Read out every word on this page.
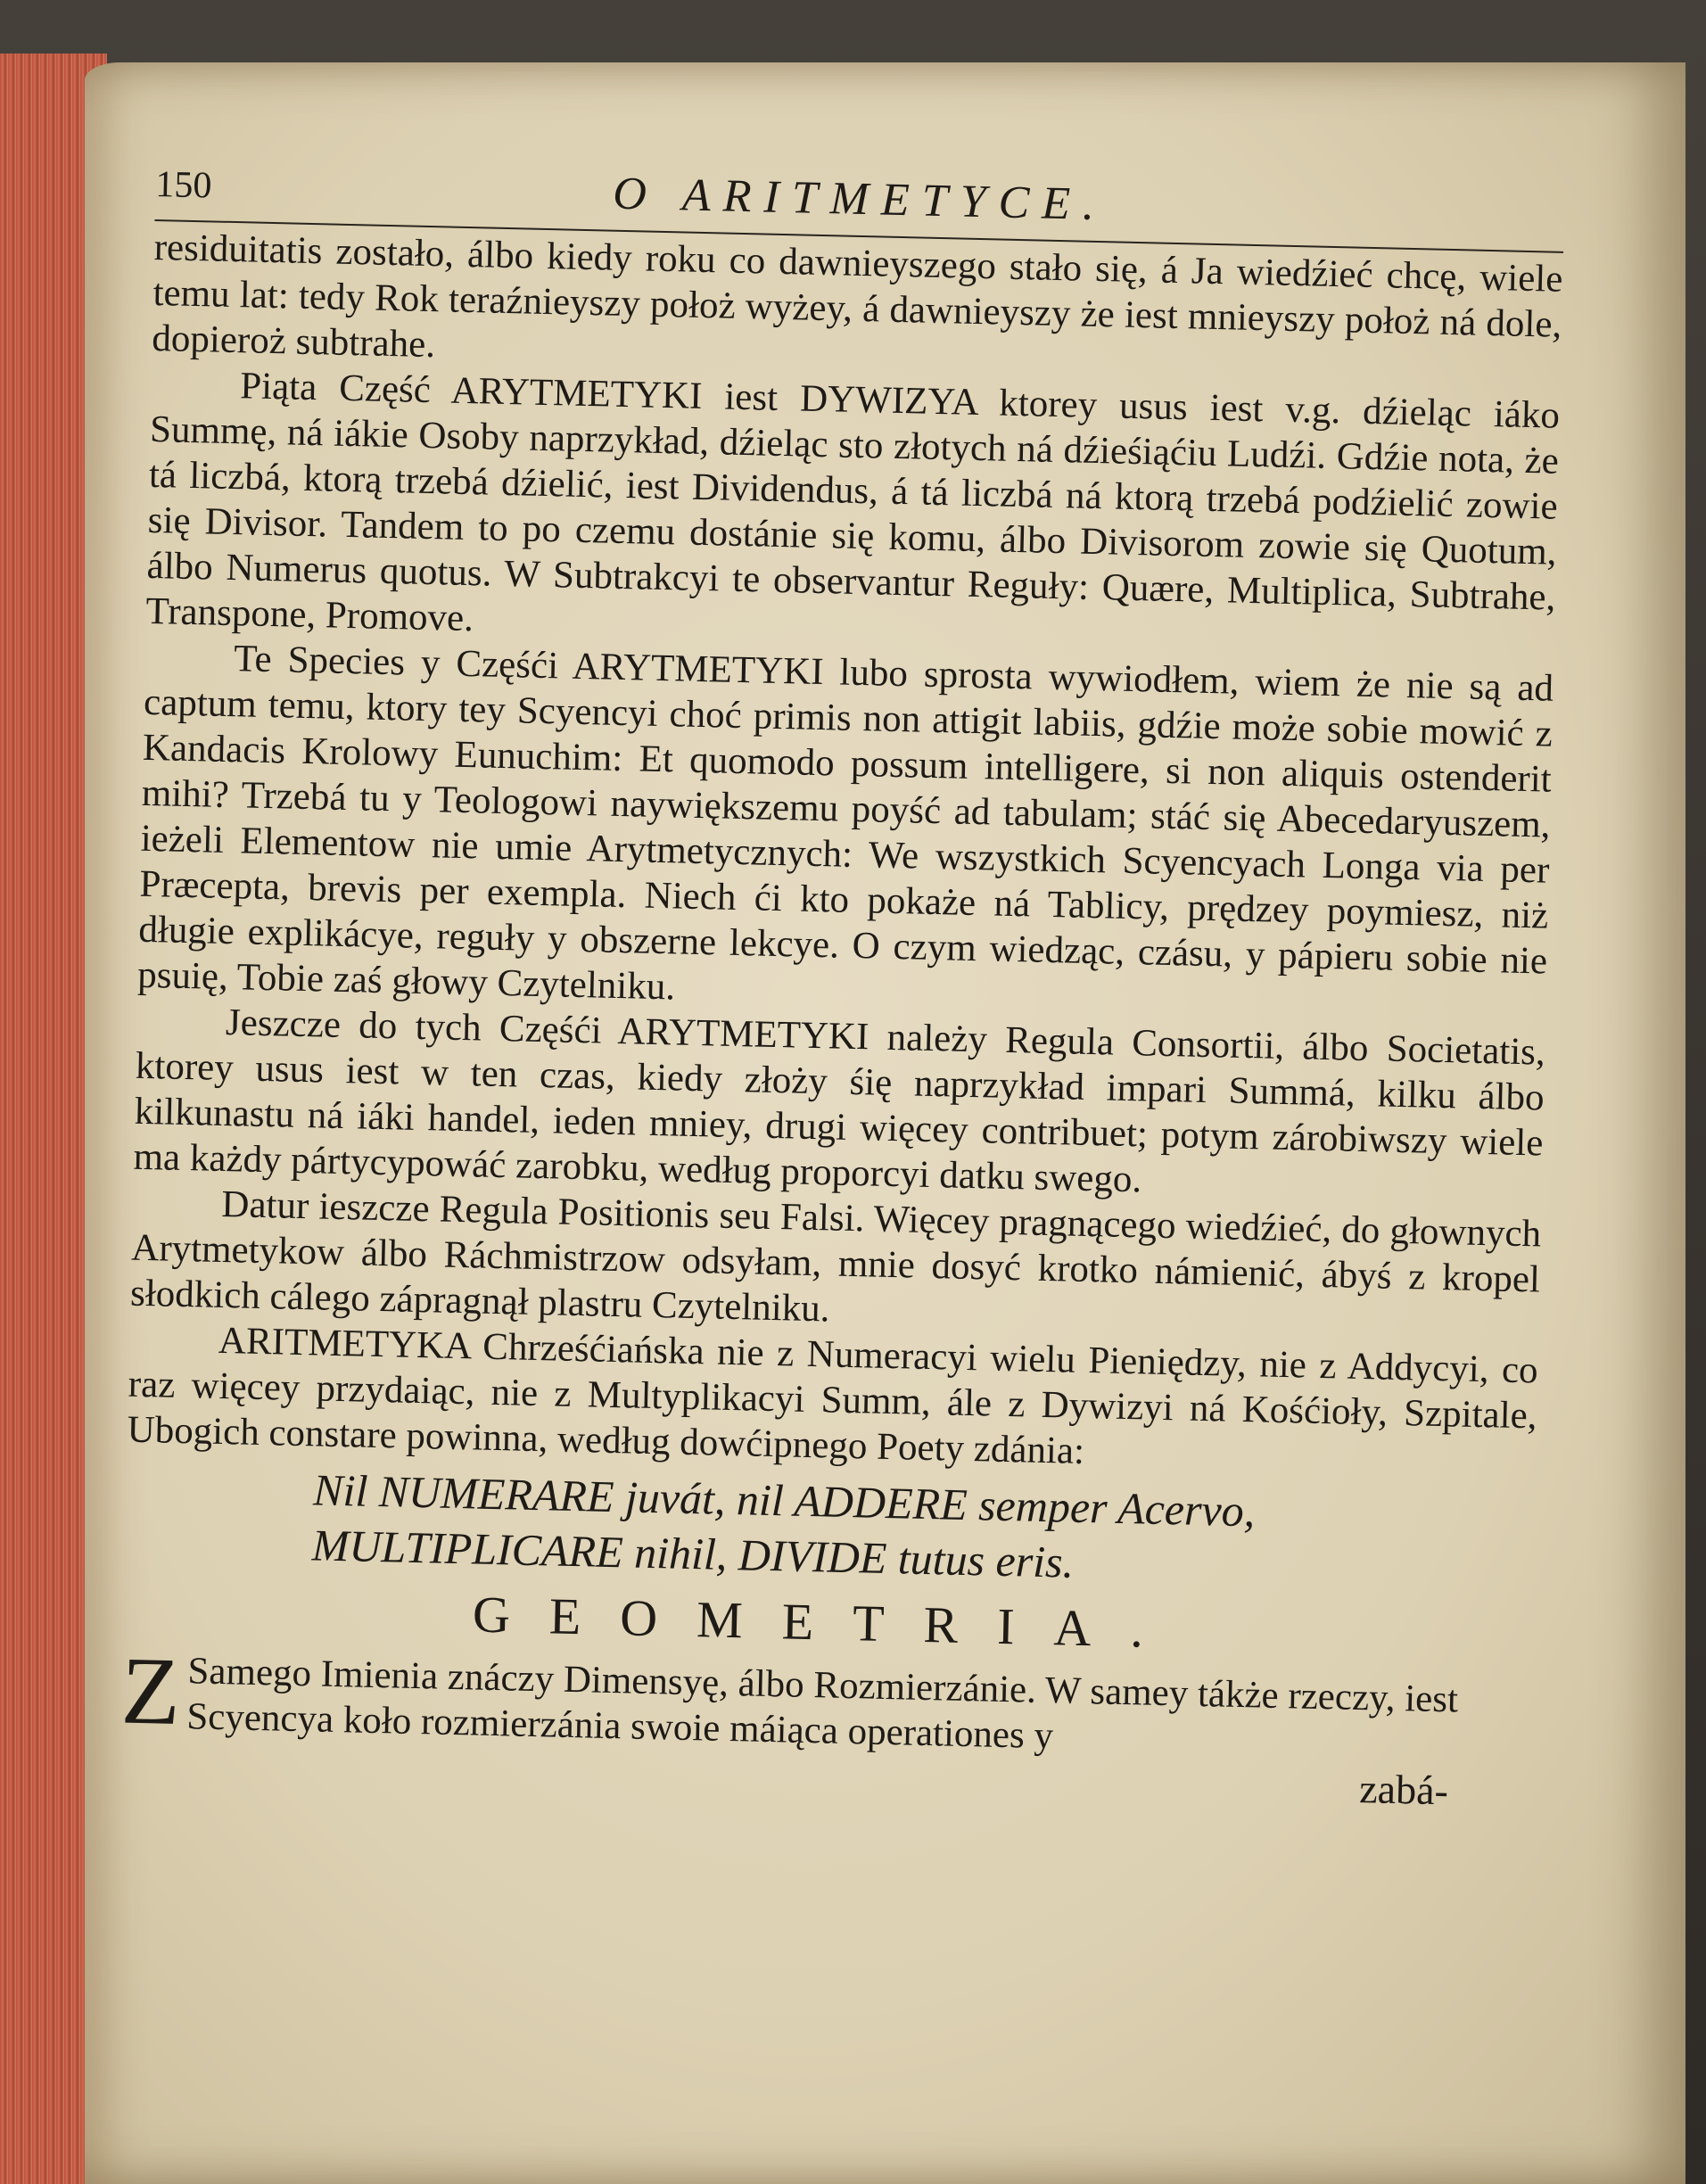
150	O ARITMETYCE.

residuitatis zostało, álbo kiedy roku co dawnieyszego stało się, á Ja wiedźieć chcę, wiele temu lat: tedy Rok teraźnieyszy położ wyżey, á dawnieyszy że iest mnieyszy położ ná dole, dopieroż subtrahe.

Piąta Część ARYTMETYKI iest DYWIZYA ktorey usus iest v.g. dźieląc iáko Summę, ná iákie Osoby naprzykład, dźieląc sto złotych ná dźieśiąćiu Ludźi. Gdźie nota, że tá liczbá, ktorą trzebá dźielić, iest Dividendus, á tá liczbá ná ktorą trzebá podźielić zowie się Divisor. Tandem to po czemu dostánie się komu, álbo Divisorom zowie się Quotum, álbo Numerus quotus. W Subtrakcyi te observantur Reguły: Quære, Multiplica, Subtrahe, Transpone, Promove.

Te Species y Częśći ARYTMETYKI lubo sprosta wywiodłem, wiem że nie są ad captum temu, ktory tey Scyencyi choć primis non attigit labiis, gdźie może sobie mowić z Kandacis Krolowy Eunuchim: Et quomodo possum intelligere, si non aliquis ostenderit mihi? Trzebá tu y Teologowi naywiększemu poyść ad tabulam; stáć się Abecedaryuszem, ieżeli Elementow nie umie Arytmetycznych: We wszystkich Scyencyach Longa via per Præcepta, brevis per exempla. Niech ći kto pokaże ná Tablicy, prędzey poymiesz, niż długie explikácye, reguły y obszerne lekcye. O czym wiedząc, czásu, y pápieru sobie nie psuię, Tobie zaś głowy Czytelniku.

Jeszcze do tych Częśći ARYTMETYKI należy Regula Consortii, álbo Societatis, ktorey usus iest w ten czas, kiedy złoży śię naprzykład impari Summá, kilku álbo kilkunastu ná iáki handel, ieden mniey, drugi więcey contribuet; potym zárobiwszy wiele ma każdy pártycypowáć zarobku, według proporcyi datku swego.

Datur ieszcze Regula Positionis seu Falsi. Więcey pragnącego wiedźieć, do głownych Arytmetykow álbo Ráchmistrzow odsyłam, mnie dosyć krotko námienić, ábyś z kropel słodkich cálego zápragnął plastru Czytelniku.

ARITMETYKA Chrześćiańska nie z Numeracyi wielu Pieniędzy, nie z Addycyi, co raz więcey przydaiąc, nie z Multyplikacyi Summ, ále z Dywizyi ná Kośćioły, Szpitale, Ubogich constare powinna, według dowćipnego Poety zdánia:

Nil NUMERARE juvát, nil ADDERE semper Acervo,
MULTIPLICARE nihil, DIVIDE tutus eris.
GEOMETRIA.
Z Samego Imienia znáczy Dimensyę, álbo Rozmierzánie. W samey tákże rzeczy, iest Scyencya koło rozmierzánia swoie máiąca operationes y
zabá-
